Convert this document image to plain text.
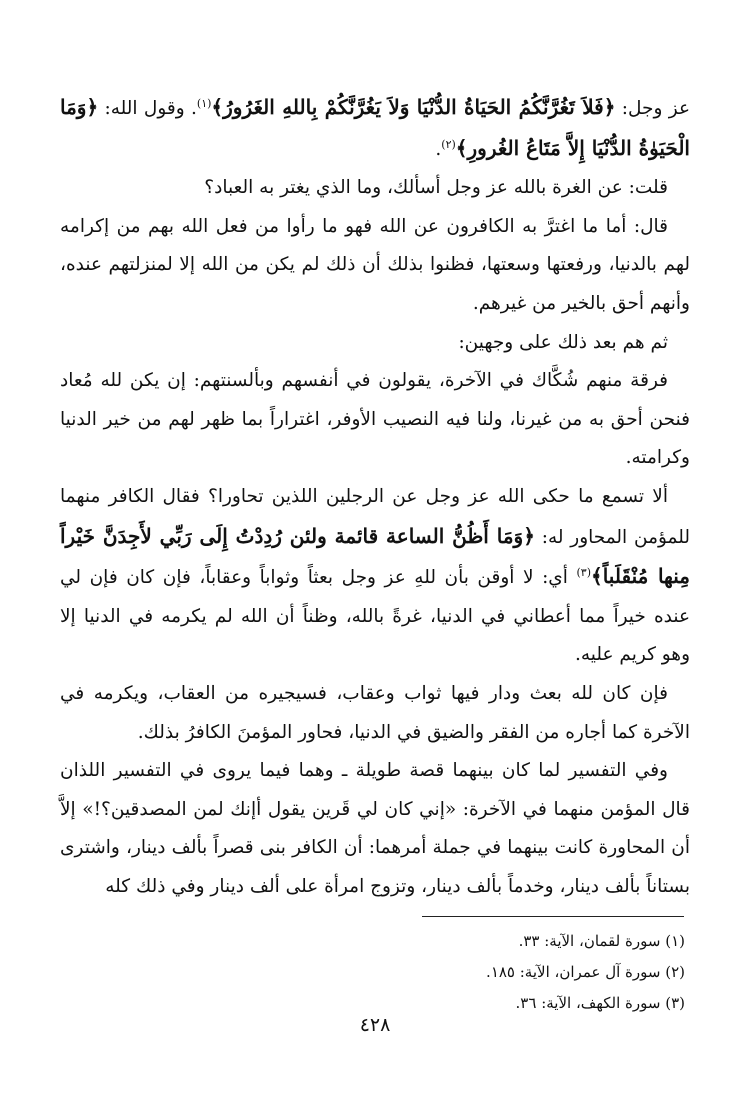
عز وجل: ﴿فَلاَ تَغُرَّنَّكُمُ الحَيَاةُ الدُّنْيَا وَلاَ يَغُرَّنَّكُمْ بِاللهِ الغَرُورُ﴾$^{(١)}$. وقول الله: ﴿وَمَا الْحَيَوٰةُ الدُّنْيَا إِلاَّ مَتَاعُ الغُرورِ﴾$^{(٢)}$.

قلت: عن الغرة بالله عز وجل أسألك، وما الذي يغتر به العباد؟

قال: أما ما اغترَّ به الكافرون عن الله فهو ما رأوا من فعل الله بهم من إكرامه لهم بالدنيا، ورفعتها وسعتها، فظنوا بذلك أن ذلك لم يكن من الله إلا لمنزلتهم عنده، وأنهم أحق بالخير من غيرهم.

ثم هم بعد ذلك على وجهين:

فرقة منهم شُكَّاك في الآخرة، يقولون في أنفسهم وبألسنتهم: إن يكن لله مُعاد فنحن أحق به من غيرنا، ولنا فيه النصيب الأوفر، اغتراراً بما ظهر لهم من خير الدنيا وكرامته.

ألا تسمع ما حكى الله عز وجل عن الرجلين اللذين تحاورا؟ فقال الكافر منهما للمؤمن المحاور له: ﴿وَمَا أَظُنُّ الساعة قائمة ولئن رُدِدْتُ إِلَى رَبِّي لأَجِدَنَّ خَيْراً مِنها مُنْقَلَباً﴾$^{(٣)}$ أي: لا أوقن بأن للهِ عز وجل بعثاً وثواباً وعقاباً، فإن كان فإن لي عنده خيراً مما أعطاني في الدنيا، غرةً بالله، وظناً أن الله لم يكرمه في الدنيا إلا وهو كريم عليه.

فإن كان لله بعث ودار فيها ثواب وعقاب، فسيجيره من العقاب، ويكرمه في الآخرة كما أجاره من الفقر والضيق في الدنيا، فحاور المؤمنَ الكافرُ بذلك.

وفي التفسير لما كان بينهما قصة طويلة ـ وهما فيما يروى في التفسير اللذان قال المؤمن منهما في الآخرة: «إني كان لي قَرين يقول أإنك لمن المصدقين؟!» إلاَّ أن المحاورة كانت بينهما في جملة أمرهما: أن الكافر بنى قصراً بألف دينار، واشترى بستاناً بألف دينار، وخدماً بألف دينار، وتزوج امرأة على ألف دينار وفي ذلك كله

(١) سورة لقمان، الآية: ٣٣.
(٢) سورة آل عمران، الآية: ١٨٥.
(٣) سورة الكهف، الآية: ٣٦.
٤٢٨
